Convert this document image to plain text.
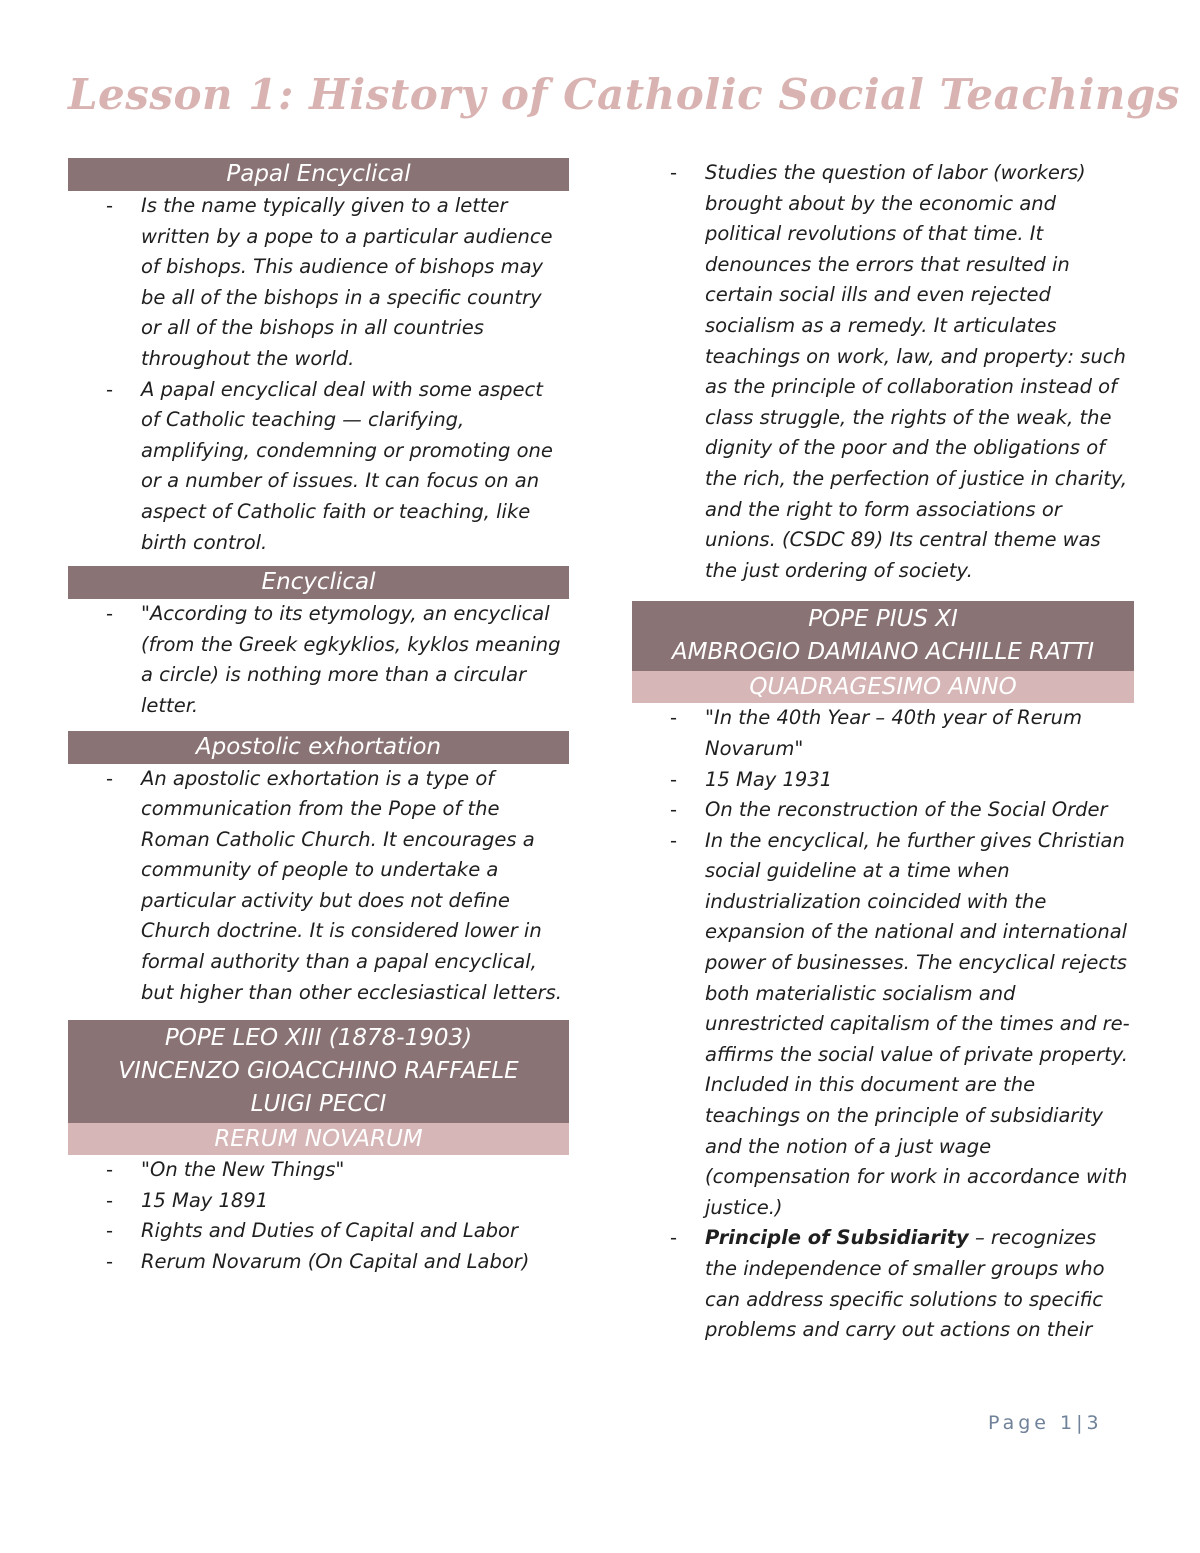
Lesson 1: History of Catholic Social Teachings
Papal Encyclical
- Is the name typically given to a letter written by a pope to a particular audience of bishops. This audience of bishops may be all of the bishops in a specific country or all of the bishops in all countries throughout the world.
- A papal encyclical deal with some aspect of Catholic teaching — clarifying, amplifying, condemning or promoting one or a number of issues. It can focus on an aspect of Catholic faith or teaching, like birth control.
Encyclical
- "According to its etymology, an encyclical (from the Greek egkyklios, kyklos meaning a circle) is nothing more than a circular letter.
Apostolic exhortation
- An apostolic exhortation is a type of communication from the Pope of the Roman Catholic Church. It encourages a community of people to undertake a particular activity but does not define Church doctrine. It is considered lower in formal authority than a papal encyclical, but higher than other ecclesiastical letters.
POPE LEO XIII (1878-1903)
VINCENZO GIOACCHINO RAFFAELE
LUIGI PECCI
RERUM NOVARUM
- "On the New Things"
- 15 May 1891
- Rights and Duties of Capital and Labor
- Rerum Novarum (On Capital and Labor)
- Studies the question of labor (workers) brought about by the economic and political revolutions of that time. It denounces the errors that resulted in certain social ills and even rejected socialism as a remedy. It articulates teachings on work, law, and property: such as the principle of collaboration instead of class struggle, the rights of the weak, the dignity of the poor and the obligations of the rich, the perfection of justice in charity, and the right to form associations or unions. (CSDC 89) Its central theme was the just ordering of society.
POPE PIUS XI
AMBROGIO DAMIANO ACHILLE RATTI
QUADRAGESIMO ANNO
- "In the 40th Year – 40th year of Rerum Novarum"
- 15 May 1931
- On the reconstruction of the Social Order
- In the encyclical, he further gives Christian social guideline at a time when industrialization coincided with the expansion of the national and international power of businesses. The encyclical rejects both materialistic socialism and unrestricted capitalism of the times and re-affirms the social value of private property. Included in this document are the teachings on the principle of subsidiarity and the notion of a just wage (compensation for work in accordance with justice.)
- Principle of Subsidiarity – recognizes the independence of smaller groups who can address specific solutions to specific problems and carry out actions on their
Page 1|3
